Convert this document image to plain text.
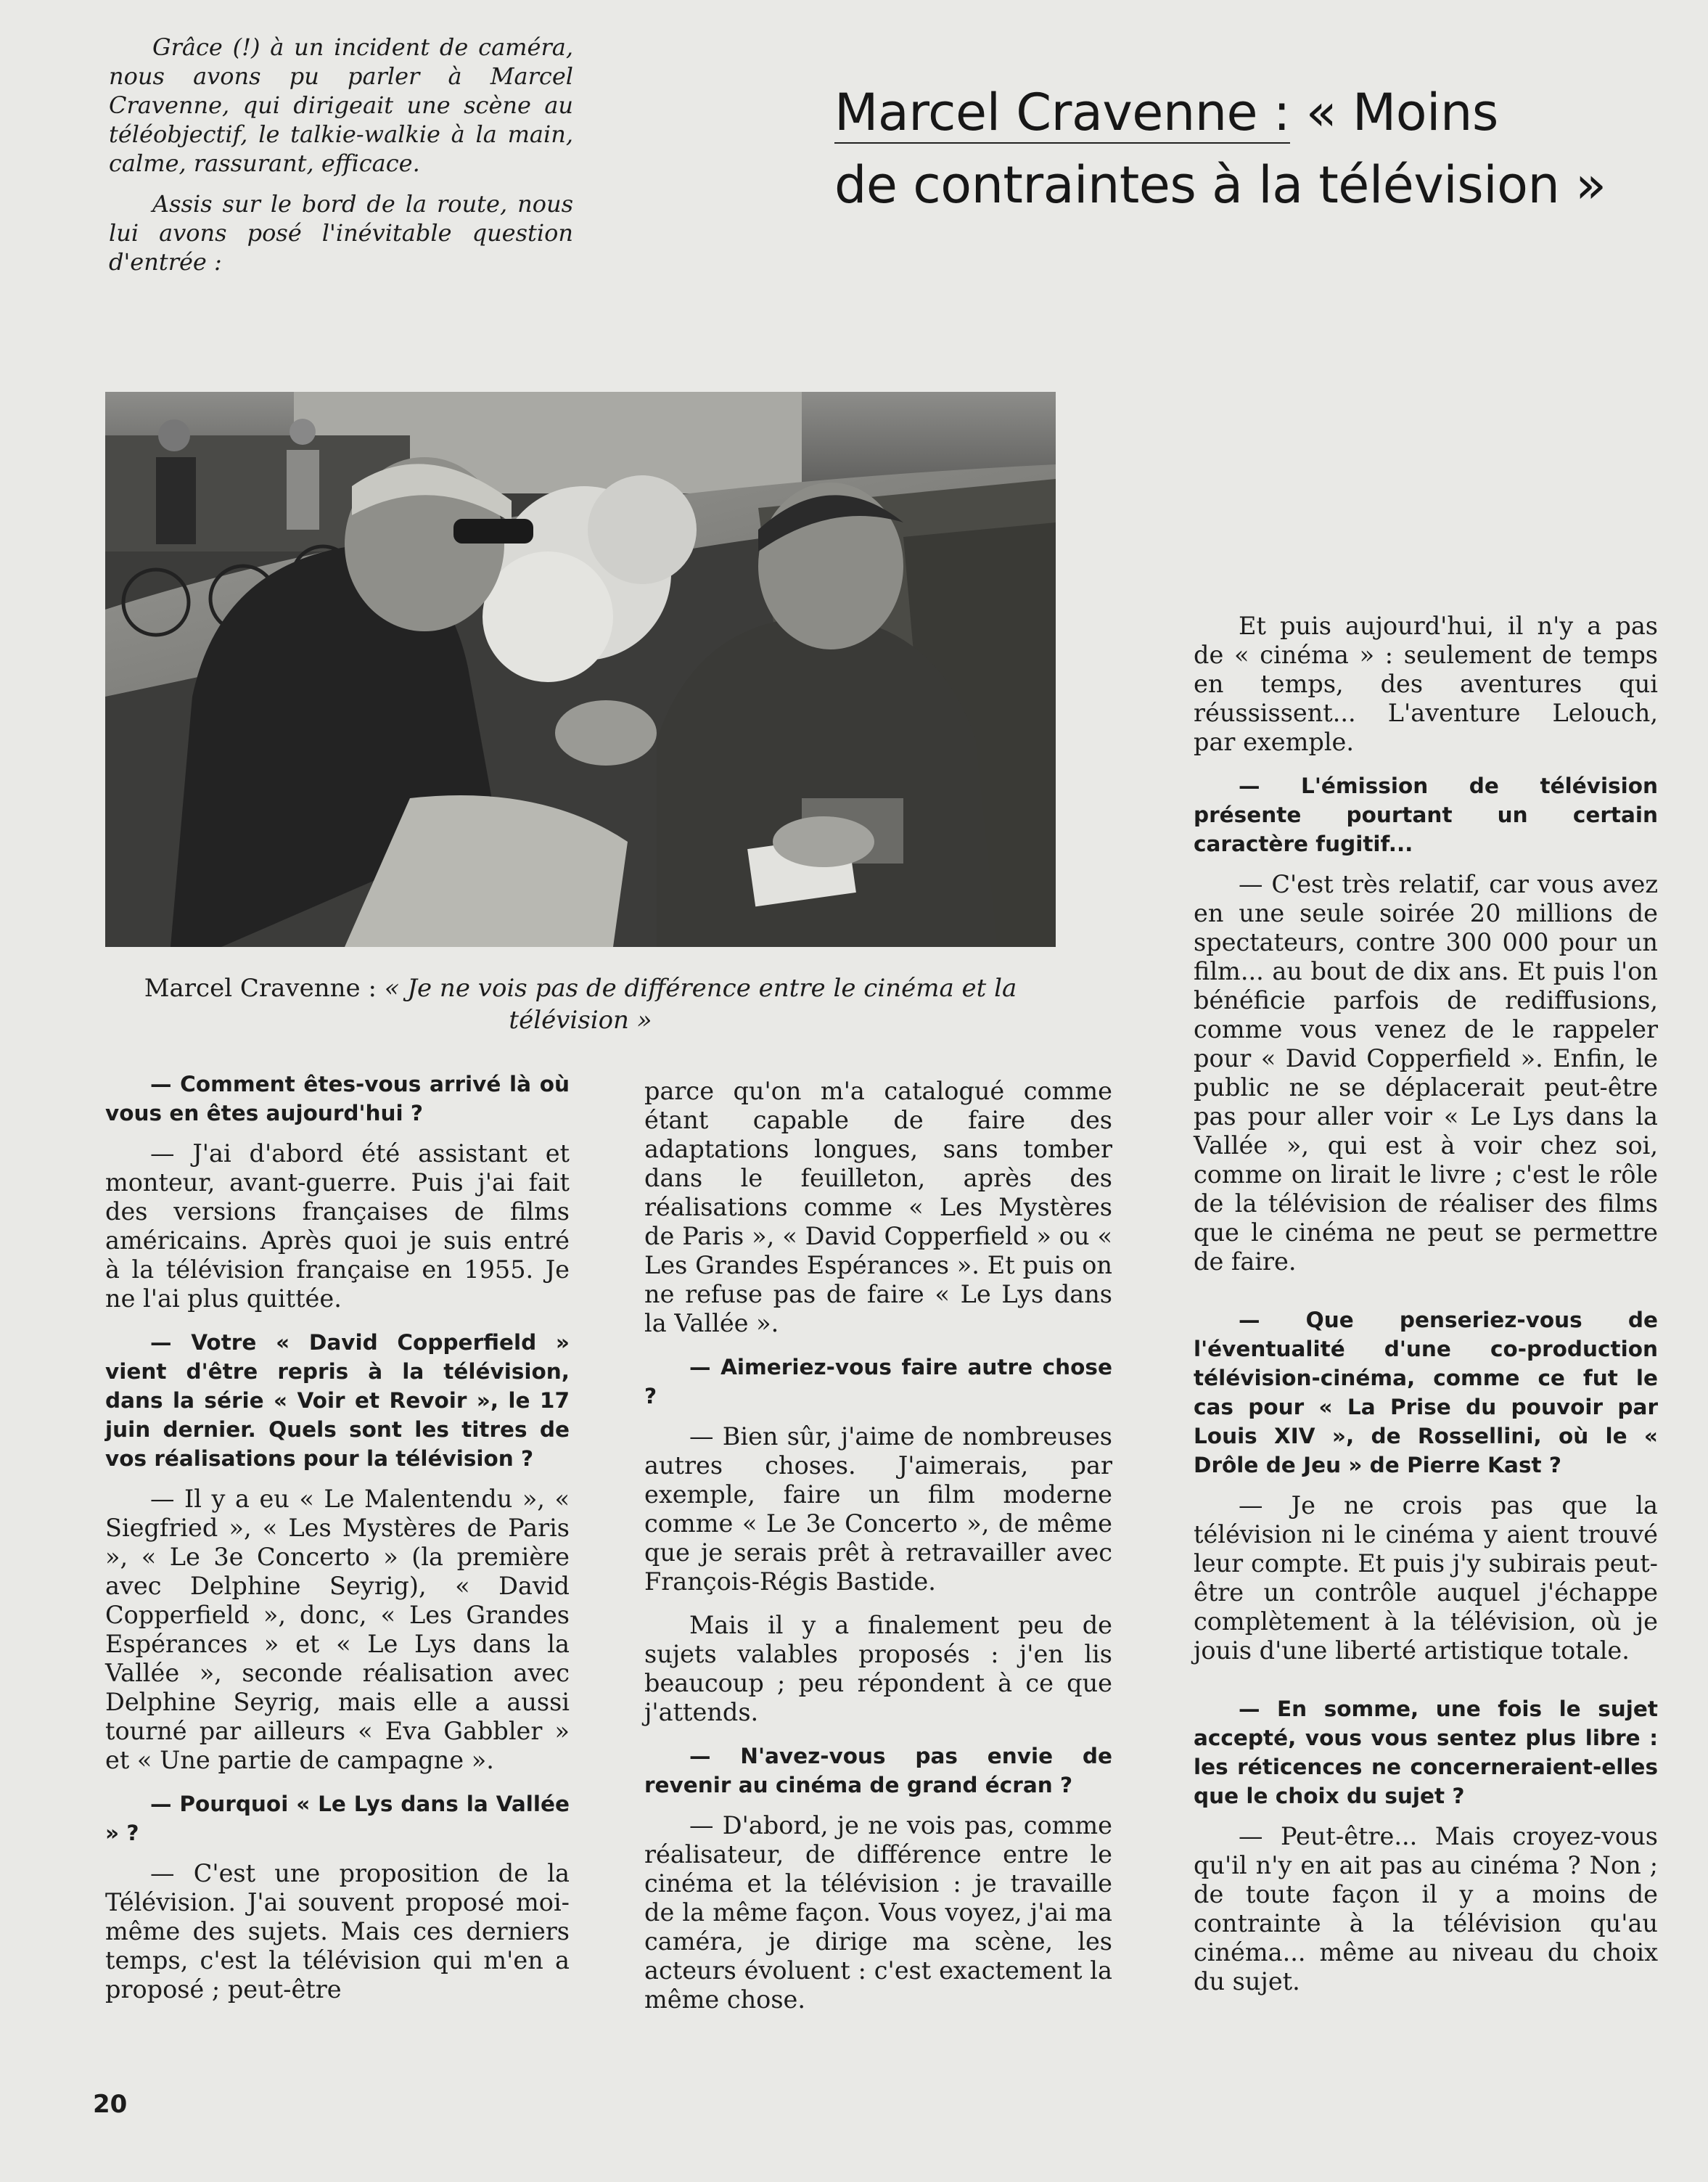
Grâce (!) à un incident de caméra, nous avons pu parler à Marcel Cravenne, qui dirigeait une scène au téléobjectif, le talkie-walkie à la main, calme, rassurant, efficace.

Assis sur le bord de la route, nous lui avons posé l'inévitable question d'entrée :

Marcel Cravenne : « Moins
de contraintes à la télévision »
Marcel Cravenne : « Je ne vois pas de différence entre le cinéma et la télévision »

— Comment êtes-vous arrivé là où vous en êtes aujourd'hui ?

— J'ai d'abord été assistant et monteur, avant-guerre. Puis j'ai fait des versions françaises de films américains. Après quoi je suis entré à la télévision française en 1955. Je ne l'ai plus quittée.

— Votre « David Copperfield » vient d'être repris à la télévision, dans la série « Voir et Revoir », le 17 juin dernier. Quels sont les titres de vos réalisations pour la télévision ?

— Il y a eu « Le Malentendu », « Siegfried », « Les Mystères de Paris », « Le 3e Concerto » (la première avec Delphine Seyrig), « David Copperfield », donc, « Les Grandes Espérances » et « Le Lys dans la Vallée », seconde réalisation avec Delphine Seyrig, mais elle a aussi tourné par ailleurs « Eva Gabbler » et « Une partie de campagne ».

— Pourquoi « Le Lys dans la Vallée » ?

— C'est une proposition de la Télévision. J'ai souvent proposé moi-même des sujets. Mais ces derniers temps, c'est la télévision qui m'en a proposé ; peut-être

parce qu'on m'a catalogué comme étant capable de faire des adaptations longues, sans tomber dans le feuilleton, après des réalisations comme « Les Mystères de Paris », « David Copperfield » ou « Les Grandes Espérances ». Et puis on ne refuse pas de faire « Le Lys dans la Vallée ».

— Aimeriez-vous faire autre chose ?

— Bien sûr, j'aime de nombreuses autres choses. J'aimerais, par exemple, faire un film moderne comme « Le 3e Concerto », de même que je serais prêt à retravailler avec François-Régis Bastide.

Mais il y a finalement peu de sujets valables proposés : j'en lis beaucoup ; peu répondent à ce que j'attends.

— N'avez-vous pas envie de revenir au cinéma de grand écran ?

— D'abord, je ne vois pas, comme réalisateur, de différence entre le cinéma et la télévision : je travaille de la même façon. Vous voyez, j'ai ma caméra, je dirige ma scène, les acteurs évoluent : c'est exactement la même chose.

Et puis aujourd'hui, il n'y a pas de « cinéma » : seulement de temps en temps, des aventures qui réussissent... L'aventure Lelouch, par exemple.

— L'émission de télévision présente pourtant un certain caractère fugitif...

— C'est très relatif, car vous avez en une seule soirée 20 millions de spectateurs, contre 300 000 pour un film... au bout de dix ans. Et puis l'on bénéficie parfois de rediffusions, comme vous venez de le rappeler pour « David Copperfield ». Enfin, le public ne se déplacerait peut-être pas pour aller voir « Le Lys dans la Vallée », qui est à voir chez soi, comme on lirait le livre ; c'est le rôle de la télévision de réaliser des films que le cinéma ne peut se permettre de faire.

— Que penseriez-vous de l'éventualité d'une co-production télévision-cinéma, comme ce fut le cas pour « La Prise du pouvoir par Louis XIV », de Rossellini, où le « Drôle de Jeu » de Pierre Kast ?

— Je ne crois pas que la télévision ni le cinéma y aient trouvé leur compte. Et puis j'y subirais peut-être un contrôle auquel j'échappe complètement à la télévision, où je jouis d'une liberté artistique totale.

— En somme, une fois le sujet accepté, vous vous sentez plus libre : les réticences ne concerneraient-elles que le choix du sujet ?

— Peut-être... Mais croyez-vous qu'il n'y en ait pas au cinéma ? Non ; de toute façon il y a moins de contrainte à la télévision qu'au cinéma... même au niveau du choix du sujet.

20
